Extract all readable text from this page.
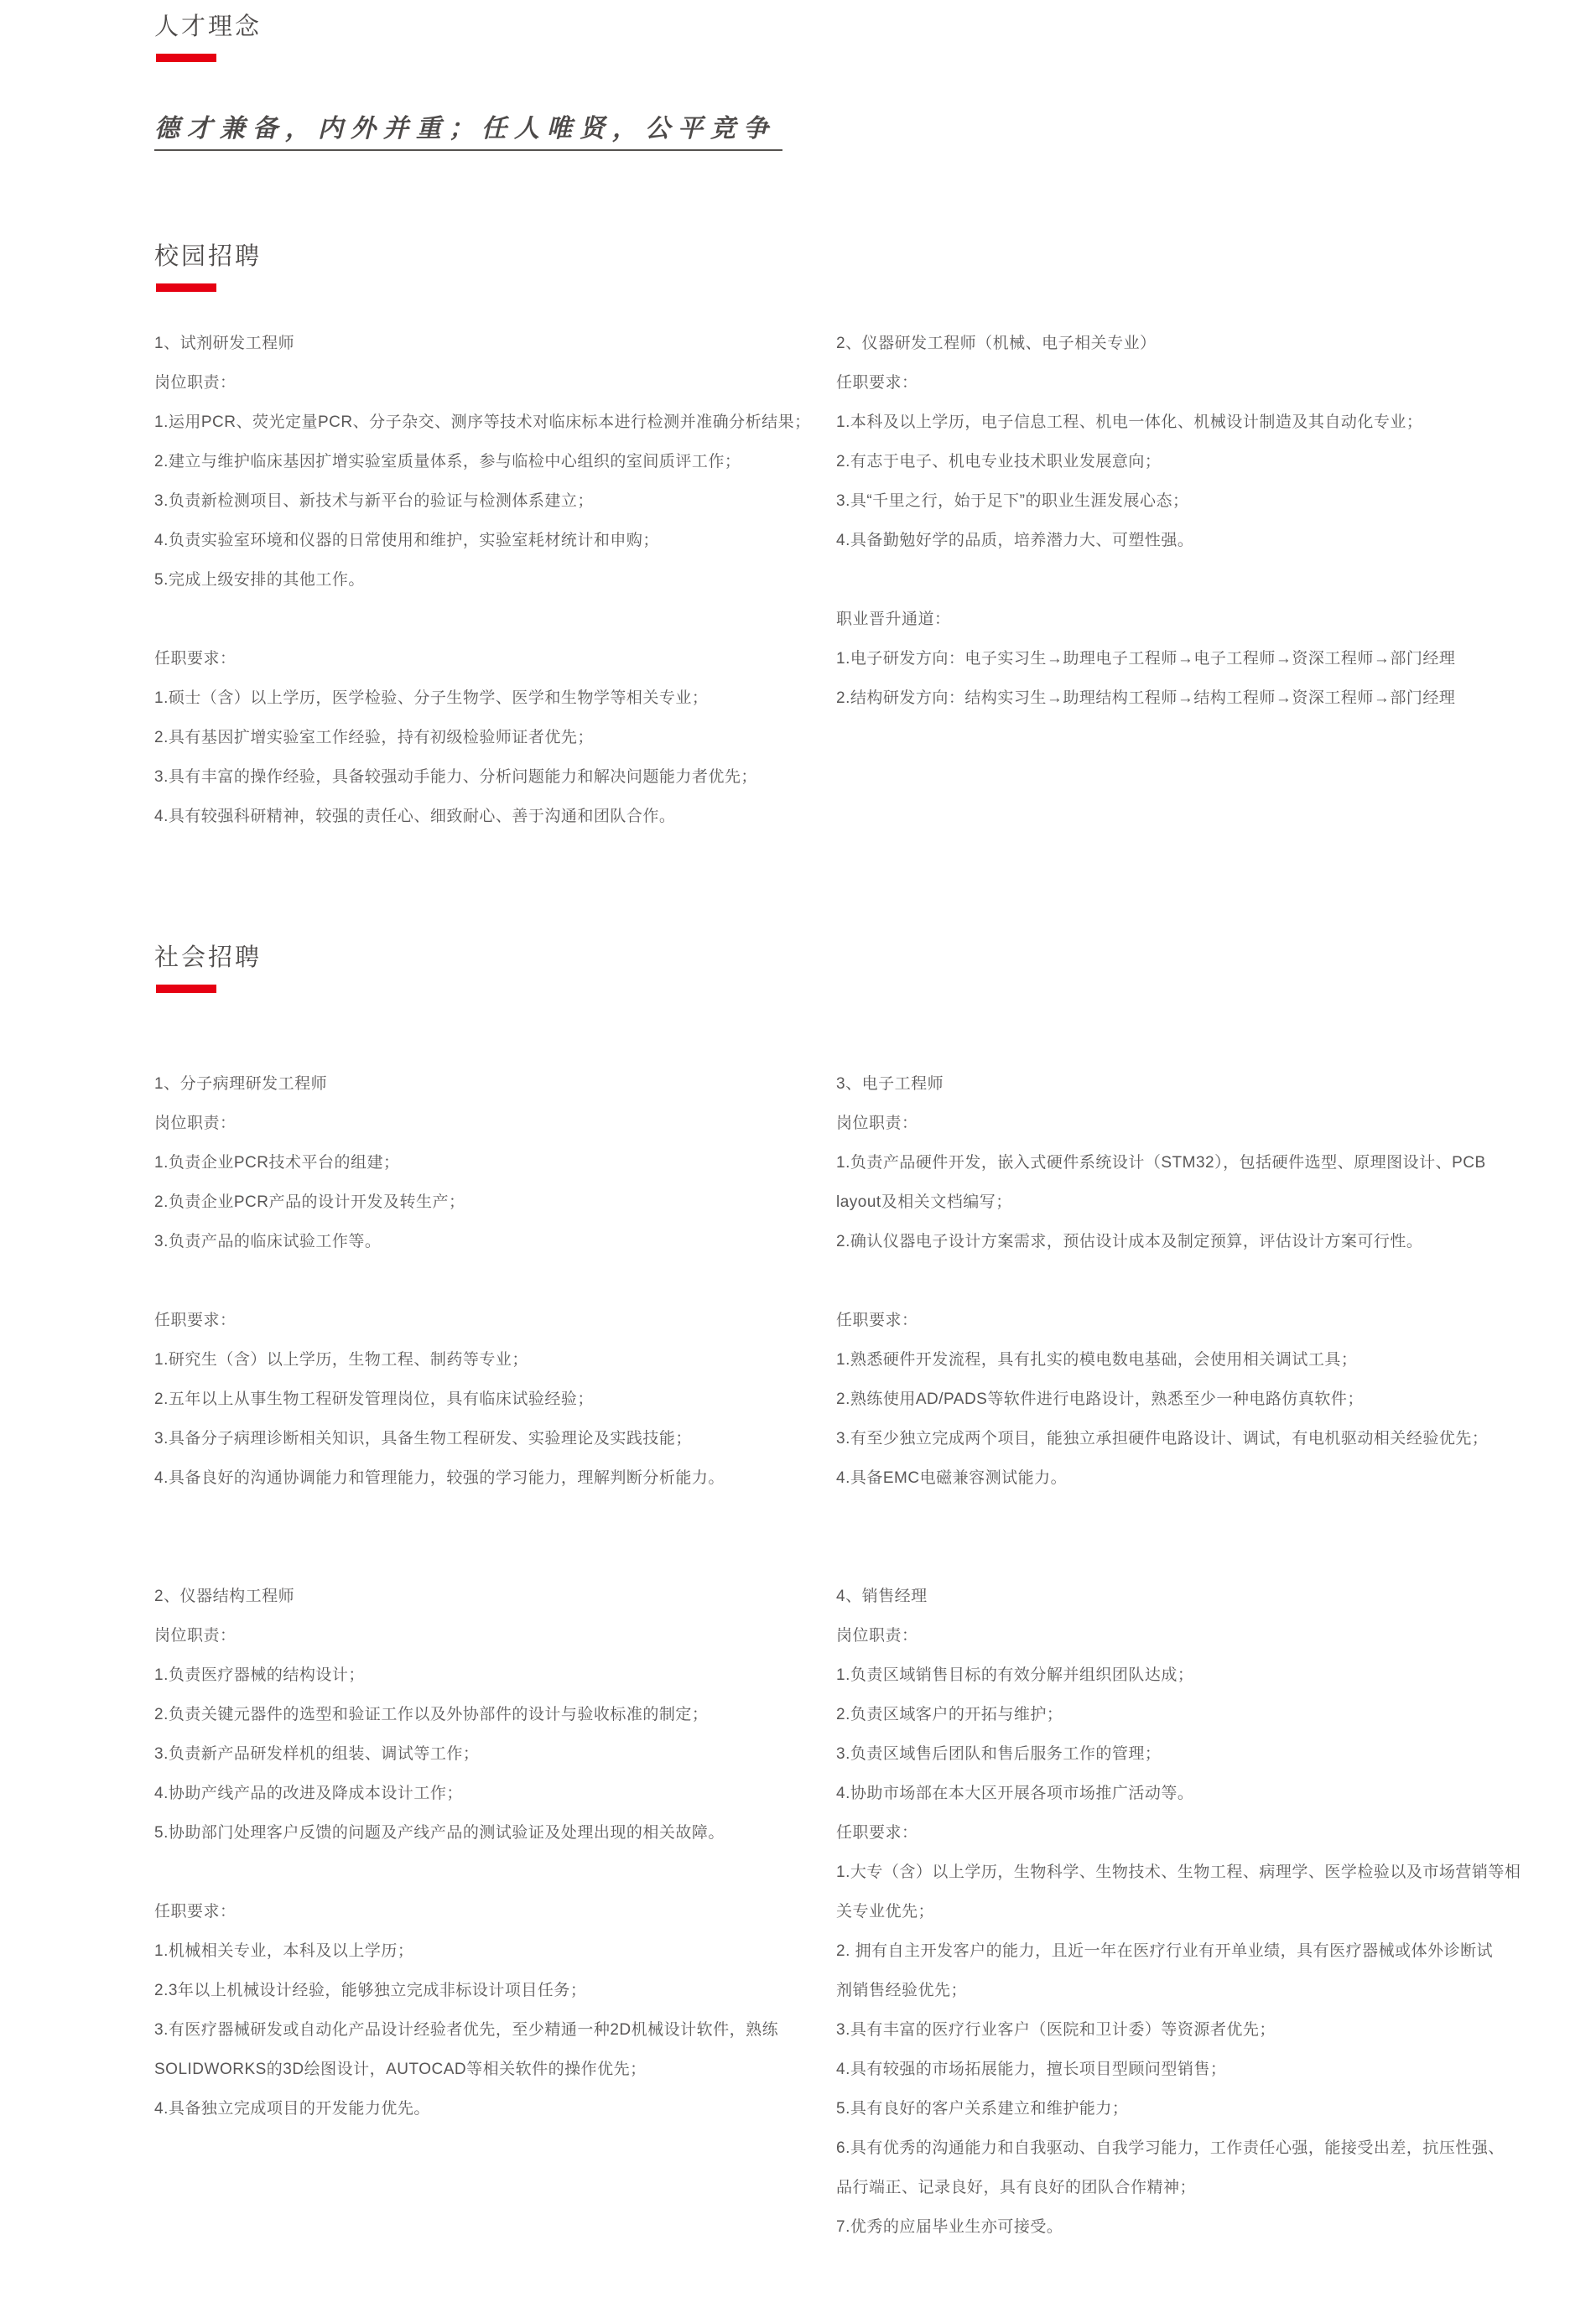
人才理念

德才兼备，内外并重；任人唯贤，公平竞争

校园招聘

1、试剂研发工程师

岗位职责：

1.运用PCR、荧光定量PCR、分子杂交、测序等技术对临床标本进行检测并准确分析结果；

2.建立与维护临床基因扩增实验室质量体系，参与临检中心组织的室间质评工作；

3.负责新检测项目、新技术与新平台的验证与检测体系建立；

4.负责实验室环境和仪器的日常使用和维护，实验室耗材统计和申购；

5.完成上级安排的其他工作。

任职要求：

1.硕士（含）以上学历，医学检验、分子生物学、医学和生物学等相关专业；

2.具有基因扩增实验室工作经验，持有初级检验师证者优先；

3.具有丰富的操作经验，具备较强动手能力、分析问题能力和解决问题能力者优先；

4.具有较强科研精神，较强的责任心、细致耐心、善于沟通和团队合作。

2、仪器研发工程师（机械、电子相关专业）

任职要求：

1.本科及以上学历，电子信息工程、机电一体化、机械设计制造及其自动化专业；

2.有志于电子、机电专业技术职业发展意向；

3.具“千里之行，始于足下”的职业生涯发展心态；

4.具备勤勉好学的品质，培养潜力大、可塑性强。

职业晋升通道：

1.电子研发方向：电子实习生→助理电子工程师→电子工程师→资深工程师→部门经理

2.结构研发方向：结构实习生→助理结构工程师→结构工程师→资深工程师→部门经理

社会招聘

1、分子病理研发工程师

岗位职责：

1.负责企业PCR技术平台的组建；

2.负责企业PCR产品的设计开发及转生产；

3.负责产品的临床试验工作等。

任职要求：

1.研究生（含）以上学历，生物工程、制药等专业；

2.五年以上从事生物工程研发管理岗位，具有临床试验经验；

3.具备分子病理诊断相关知识，具备生物工程研发、实验理论及实践技能；

4.具备良好的沟通协调能力和管理能力，较强的学习能力，理解判断分析能力。

2、仪器结构工程师

岗位职责：

1.负责医疗器械的结构设计；

2.负责关键元器件的选型和验证工作以及外协部件的设计与验收标准的制定；

3.负责新产品研发样机的组装、调试等工作；

4.协助产线产品的改进及降成本设计工作；

5.协助部门处理客户反馈的问题及产线产品的测试验证及处理出现的相关故障。

任职要求：

1.机械相关专业，本科及以上学历；

2.3年以上机械设计经验，能够独立完成非标设计项目任务；

3.有医疗器械研发或自动化产品设计经验者优先，至少精通一种2D机械设计软件，熟练

SOLIDWORKS的3D绘图设计，AUTOCAD等相关软件的操作优先；

4.具备独立完成项目的开发能力优先。

3、电子工程师

岗位职责：

1.负责产品硬件开发，嵌入式硬件系统设计（STM32），包括硬件选型、原理图设计、PCB

layout及相关文档编写；

2.确认仪器电子设计方案需求，预估设计成本及制定预算，评估设计方案可行性。

任职要求：

1.熟悉硬件开发流程，具有扎实的模电数电基础，会使用相关调试工具；

2.熟练使用AD/PADS等软件进行电路设计，熟悉至少一种电路仿真软件；

3.有至少独立完成两个项目，能独立承担硬件电路设计、调试，有电机驱动相关经验优先；

4.具备EMC电磁兼容测试能力。

4、销售经理

岗位职责：

1.负责区域销售目标的有效分解并组织团队达成；

2.负责区域客户的开拓与维护；

3.负责区域售后团队和售后服务工作的管理；

4.协助市场部在本大区开展各项市场推广活动等。

任职要求：

1.大专（含）以上学历，生物科学、生物技术、生物工程、病理学、医学检验以及市场营销等相

关专业优先；

2. 拥有自主开发客户的能力，且近一年在医疗行业有开单业绩，具有医疗器械或体外诊断试

剂销售经验优先；

3.具有丰富的医疗行业客户（医院和卫计委）等资源者优先；

4.具有较强的市场拓展能力，擅长项目型顾问型销售；

5.具有良好的客户关系建立和维护能力；

6.具有优秀的沟通能力和自我驱动、自我学习能力，工作责任心强，能接受出差，抗压性强、

品行端正、记录良好，具有良好的团队合作精神；

7.优秀的应届毕业生亦可接受。
